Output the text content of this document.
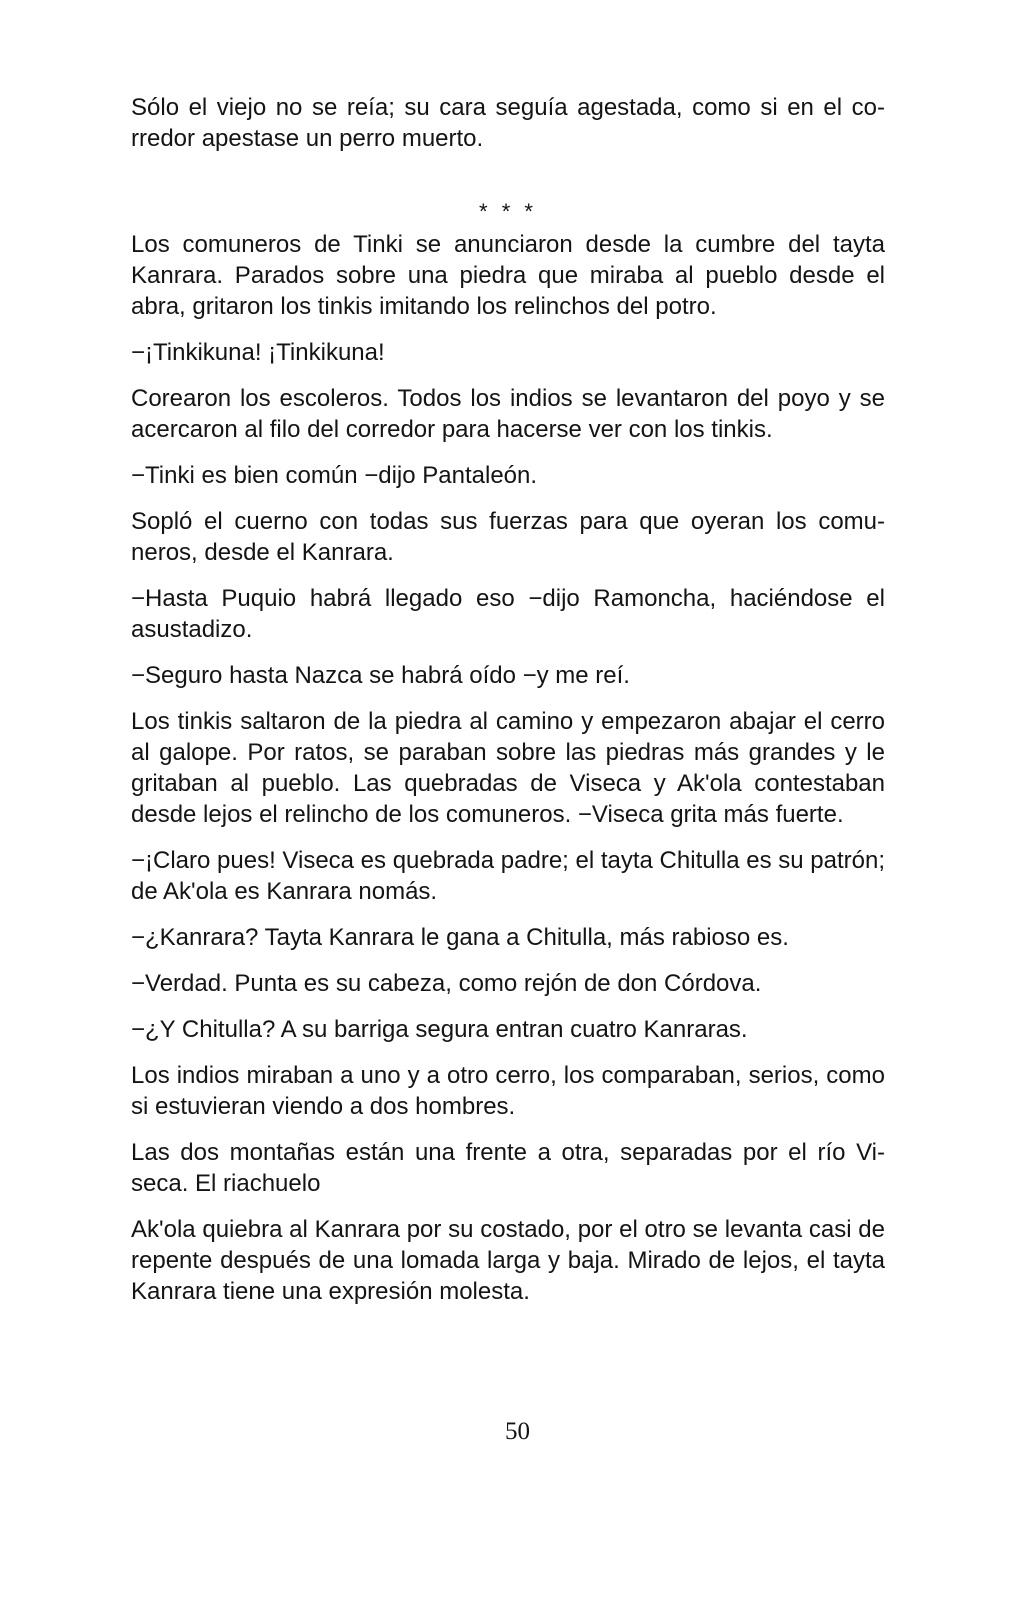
Sólo el viejo no se reía; su cara seguía agestada, como si en el corredor apestase un perro muerto.

* * *

Los comuneros de Tinki se anunciaron desde la cumbre del tayta Kanrara. Parados sobre una piedra que miraba al pueblo desde el abra, gritaron los tinkis imitando los relinchos del potro.

−¡Tinkikuna! ¡Tinkikuna!

Corearon los escoleros. Todos los indios se levantaron del poyo y se acercaron al filo del corredor para hacerse ver con los tinkis.

−Tinki es bien común −dijo Pantaleón.

Sopló el cuerno con todas sus fuerzas para que oyeran los comuneros, desde el Kanrara.

−Hasta Puquio habrá llegado eso −dijo Ramoncha, haciéndose el asustadizo.

−Seguro hasta Nazca se habrá oído −y me reí.

Los tinkis saltaron de la piedra al camino y empezaron abajar el cerro al galope. Por ratos, se paraban sobre las piedras más grandes y le gritaban al pueblo. Las quebradas de Viseca y Ak'ola contestaban desde lejos el relincho de los comuneros. −Viseca grita más fuerte.

−¡Claro pues! Viseca es quebrada padre; el tayta Chitulla es su patrón; de Ak'ola es Kanrara nomás.

−¿Kanrara? Tayta Kanrara le gana a Chitulla, más rabioso es.

−Verdad. Punta es su cabeza, como rejón de don Córdova.

−¿Y Chitulla? A su barriga segura entran cuatro Kanraras.

Los indios miraban a uno y a otro cerro, los comparaban, serios, como si estuvieran viendo a dos hombres.

Las dos montañas están una frente a otra, separadas por el río Viseca. El riachuelo

Ak'ola quiebra al Kanrara por su costado, por el otro se levanta casi de repente después de una lomada larga y baja. Mirado de lejos, el tayta Kanrara tiene una expresión molesta.

50
